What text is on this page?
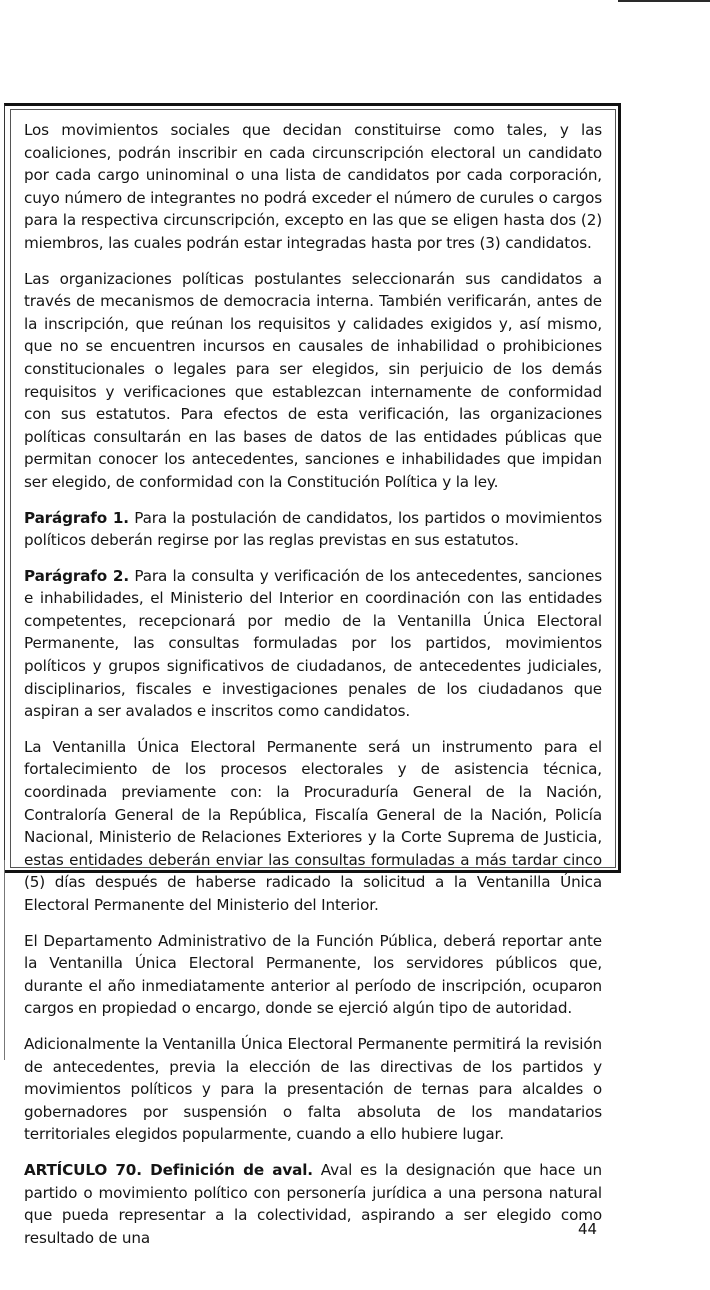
Los movimientos sociales que decidan constituirse como tales, y las coaliciones, podrán inscribir en cada circunscripción electoral un candidato por cada cargo uninominal o una lista de candidatos por cada corporación, cuyo número de integrantes no podrá exceder el número de curules o cargos para la respectiva circunscripción, excepto en las que se eligen hasta dos (2) miembros, las cuales podrán estar integradas hasta por tres (3) candidatos.

Las organizaciones políticas postulantes seleccionarán sus candidatos a través de mecanismos de democracia interna. También verificarán, antes de la inscripción, que reúnan los requisitos y calidades exigidos y, así mismo, que no se encuentren incursos en causales de inhabilidad o prohibiciones constitucionales o legales para ser elegidos, sin perjuicio de los demás requisitos y verificaciones que establezcan internamente de conformidad con sus estatutos. Para efectos de esta verificación, las organizaciones políticas consultarán en las bases de datos de las entidades públicas que permitan conocer los antecedentes, sanciones e inhabilidades que impidan ser elegido, de conformidad con la Constitución Política y la ley.

Parágrafo 1. Para la postulación de candidatos, los partidos o movimientos políticos deberán regirse por las reglas previstas en sus estatutos.

Parágrafo 2. Para la consulta y verificación de los antecedentes, sanciones e inhabilidades, el Ministerio del Interior en coordinación con las entidades competentes, recepcionará por medio de la Ventanilla Única Electoral Permanente, las consultas formuladas por los partidos, movimientos políticos y grupos significativos de ciudadanos, de antecedentes judiciales, disciplinarios, fiscales e investigaciones penales de los ciudadanos que aspiran a ser avalados e inscritos como candidatos.

La Ventanilla Única Electoral Permanente será un instrumento para el fortalecimiento de los procesos electorales y de asistencia técnica, coordinada previamente con: la Procuraduría General de la Nación, Contraloría General de la República, Fiscalía General de la Nación, Policía Nacional, Ministerio de Relaciones Exteriores y la Corte Suprema de Justicia, estas entidades deberán enviar las consultas formuladas a más tardar cinco (5) días después de haberse radicado la solicitud a la Ventanilla Única Electoral Permanente del Ministerio del Interior.

El Departamento Administrativo de la Función Pública, deberá reportar ante la Ventanilla Única Electoral Permanente, los servidores públicos que, durante el año inmediatamente anterior al período de inscripción, ocuparon cargos en propiedad o encargo, donde se ejerció algún tipo de autoridad.

Adicionalmente la Ventanilla Única Electoral Permanente permitirá la revisión de antecedentes, previa la elección de las directivas de los partidos y movimientos políticos y para la presentación de ternas para alcaldes o gobernadores por suspensión o falta absoluta de los mandatarios territoriales elegidos popularmente, cuando a ello hubiere lugar.

ARTÍCULO 70. Definición de aval. Aval es la designación que hace un partido o movimiento político con personería jurídica a una persona natural que pueda representar a la colectividad, aspirando a ser elegido como resultado de una	44
